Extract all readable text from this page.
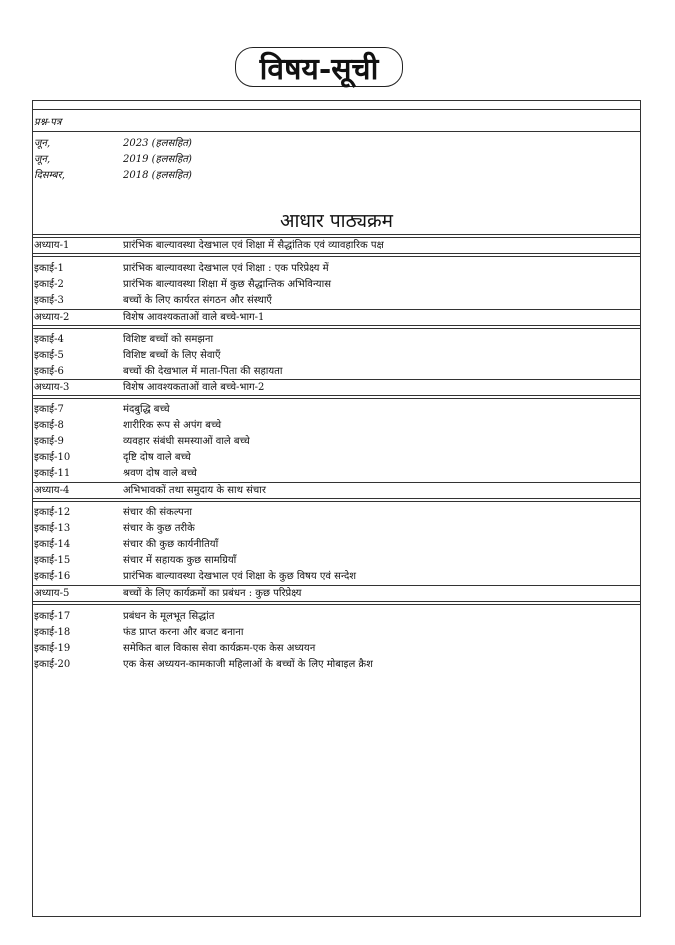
विषय-सूची
प्रश्न-पत्र
जून,	2023 (हलसहित)
जून,	2019 (हलसहित)
दिसम्बर,	2018 (हलसहित)
आधार पाठ्यक्रम
अध्याय-1	प्रारंभिक बाल्यावस्था देखभाल एवं शिक्षा में सैद्धांतिक एवं व्यावहारिक पक्ष
इकाई-1	प्रारंभिक बाल्यावस्था देखभाल एवं शिक्षा : एक परिप्रेक्ष्य में
इकाई-2	प्रारंभिक बाल्यावस्था शिक्षा में कुछ सैद्धान्तिक अभिविन्यास
इकाई-3	बच्चों के लिए कार्यरत संगठन और संस्थाएँ
अध्याय-2	विशेष आवश्यकताओं वाले बच्चे-भाग-1
इकाई-4	विशिष्ट बच्चों को समझना
इकाई-5	विशिष्ट बच्चों के लिए सेवाएँ
इकाई-6	बच्चों की देखभाल में माता-पिता की सहायता
अध्याय-3	विशेष आवश्यकताओं वाले बच्चे-भाग-2
इकाई-7	मंदबुद्धि बच्चे
इकाई-8	शारीरिक रूप से अपंग बच्चे
इकाई-9	व्यवहार संबंधी समस्याओं वाले बच्चे
इकाई-10	दृष्टि दोष वाले बच्चे
इकाई-11	श्रवण दोष वाले बच्चे
अध्याय-4	अभिभावकों तथा समुदाय के साथ संचार
इकाई-12	संचार की संकल्पना
इकाई-13	संचार के कुछ तरीके
इकाई-14	संचार की कुछ कार्यनीतियाँ
इकाई-15	संचार में सहायक कुछ सामग्रियाँ
इकाई-16	प्रारंभिक बाल्यावस्था देखभाल एवं शिक्षा के कुछ विषय एवं सन्देश
अध्याय-5	बच्चों के लिए कार्यक्रमों का प्रबंधन : कुछ परिप्रेक्ष्य
इकाई-17	प्रबंधन के मूलभूत सिद्धांत
इकाई-18	फंड प्राप्त करना और बजट बनाना
इकाई-19	समेकित बाल विकास सेवा कार्यक्रम-एक केस अध्ययन
इकाई-20	एक केस अध्ययन-कामकाजी महिलाओं के बच्चों के लिए मोबाइल क्रैश
